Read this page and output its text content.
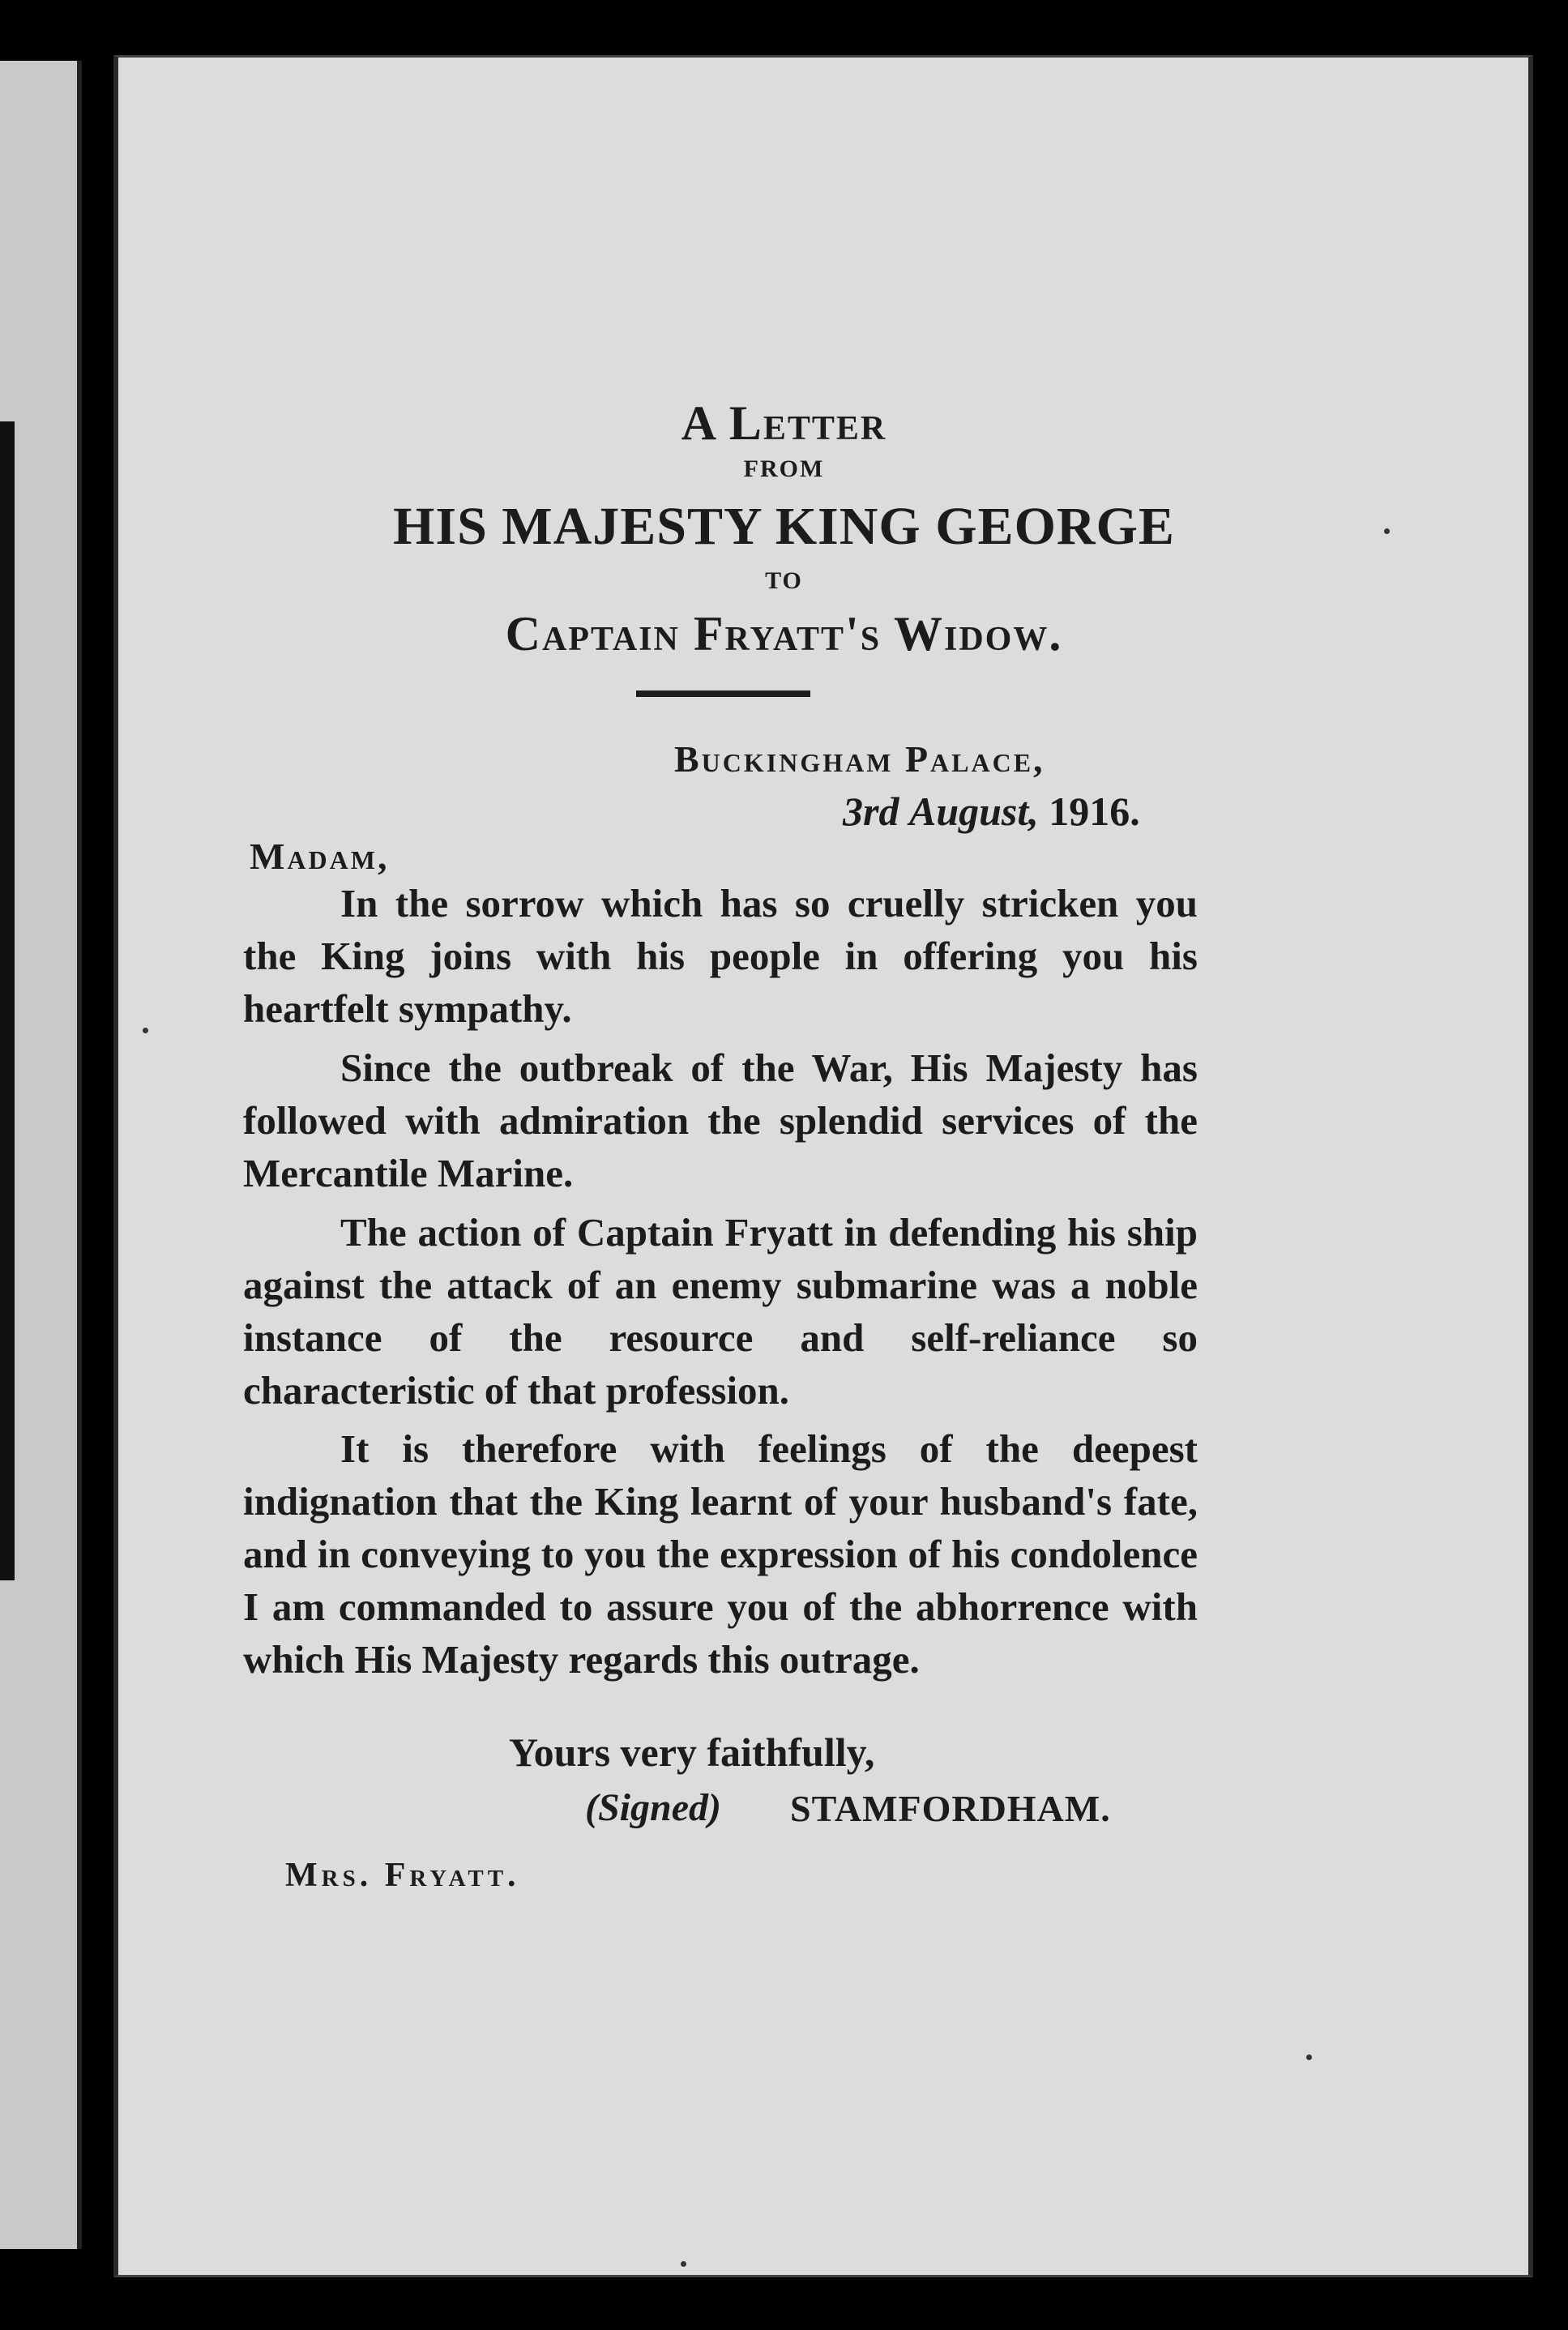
A Letter
FROM
HIS MAJESTY KING GEORGE
TO
Captain Fryatt's Widow.
Buckingham Palace,
3rd August, 1916.
Madam,

In the sorrow which has so cruelly stricken you the King joins with his people in offering you his heartfelt sympathy.

Since the outbreak of the War, His Majesty has followed with admiration the splendid services of the Mercantile Marine.

The action of Captain Fryatt in defending his ship against the attack of an enemy submarine was a noble instance of the resource and self-reliance so characteristic of that profession.

It is therefore with feelings of the deepest indignation that the King learnt of your husband's fate, and in conveying to you the expression of his condolence I am commanded to assure you of the abhorrence with which His Majesty regards this outrage.

Yours very faithfully,
(Signed) STAMFORDHAM.
Mrs. Fryatt.
